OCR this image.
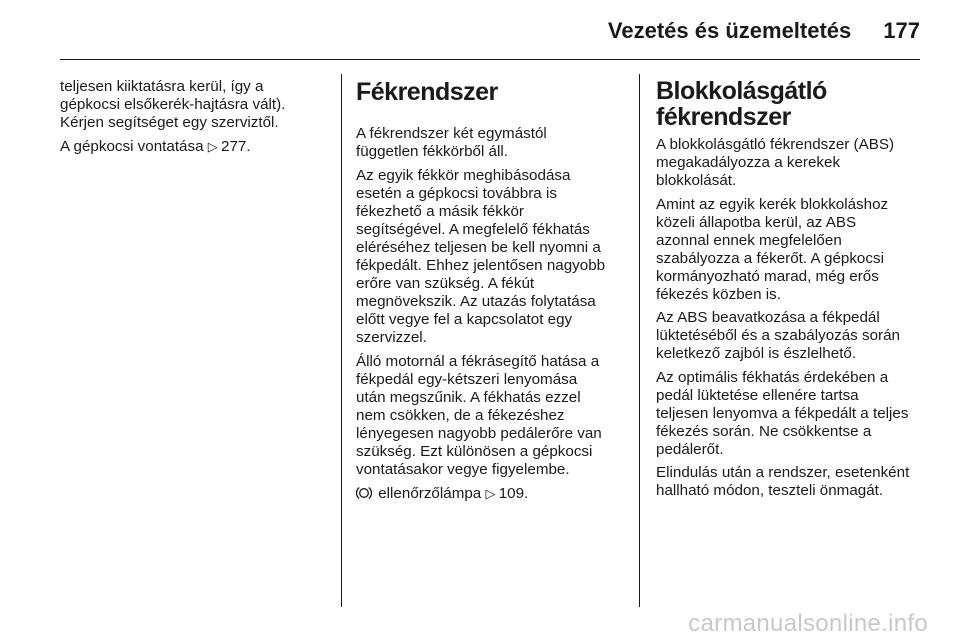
Vezetés és üzemeltetés 177

teljesen kiiktatásra kerül, így a
gépkocsi elsőkerék-hajtásra vált).
Kérjen segítséget egy szerviztől.

A gépkocsi vontatása ▷ 277.

Fékrendszer

A fékrendszer két egymástól
független fékkörből áll.

Az egyik fékkör meghibásodása
esetén a gépkocsi továbbra is
fékezhető a másik fékkör
segítségével. A megfelelő fékhatás
eléréséhez teljesen be kell nyomni a
fékpedált. Ehhez jelentősen nagyobb
erőre van szükség. A fékút
megnövekszik. Az utazás folytatása
előtt vegye fel a kapcsolatot egy
szervizzel.

Álló motornál a fékrásegítő hatása a
fékpedál egy-kétszeri lenyomása
után megszűnik. A fékhatás ezzel
nem csökken, de a fékezéshez
lényegesen nagyobb pedálerőre van
szükség. Ezt különösen a gépkocsi
vontatásakor vegye figyelembe.

ellenőrzőlámpa ▷ 109.

Blokkolásgátló
fékrendszer

A blokkolásgátló fékrendszer (ABS)
megakadályozza a kerekek
blokkolását.

Amint az egyik kerék blokkoláshoz
közeli állapotba kerül, az ABS
azonnal ennek megfelelően
szabályozza a fékerőt. A gépkocsi
kormányozható marad, még erős
fékezés közben is.

Az ABS beavatkozása a fékpedál
lüktetéséből és a szabályozás során
keletkező zajból is észlelhető.

Az optimális fékhatás érdekében a
pedál lüktetése ellenére tartsa
teljesen lenyomva a fékpedált a teljes
fékezés során. Ne csökkentse a
pedálerőt.

Elindulás után a rendszer, esetenként
hallható módon, teszteli önmagát.

carmanualsonline.info
